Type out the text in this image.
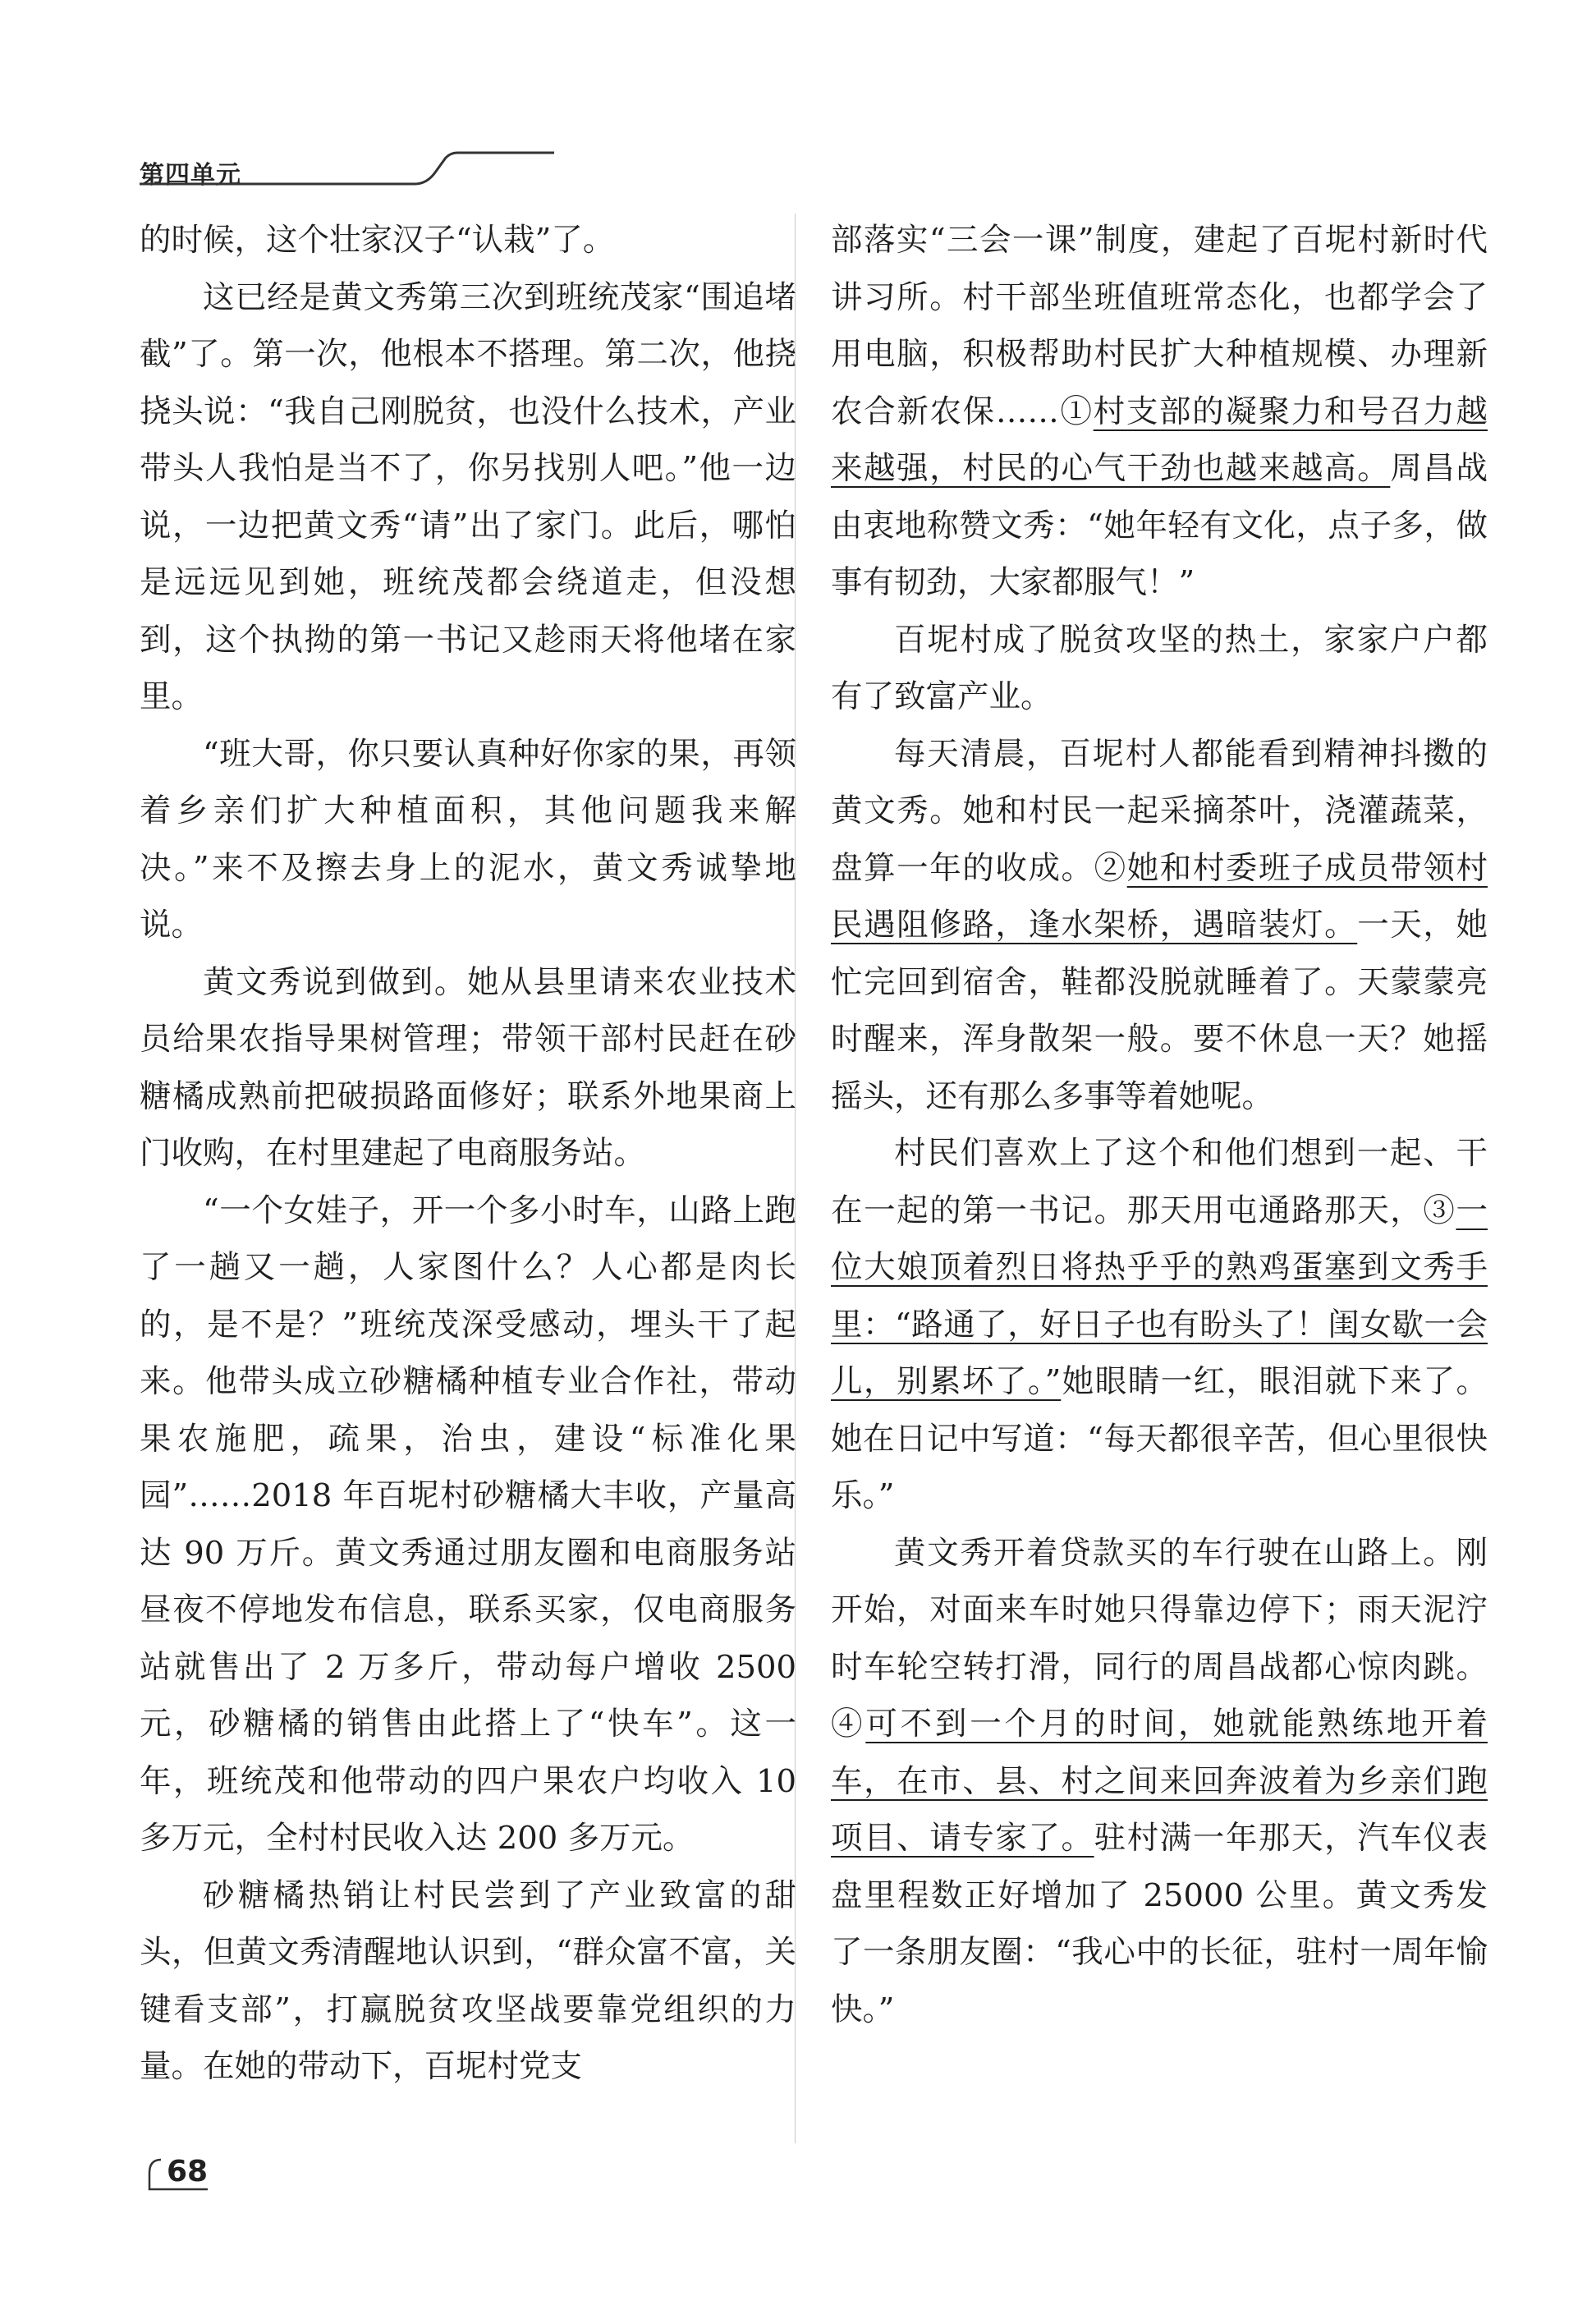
第四单元

的时候，这个壮家汉子“认栽”了。

这已经是黄文秀第三次到班统茂家“围追堵截”了。第一次，他根本不搭理。第二次，他挠挠头说：“我自己刚脱贫，也没什么技术，产业带头人我怕是当不了，你另找别人吧。”他一边说，一边把黄文秀“请”出了家门。此后，哪怕是远远见到她，班统茂都会绕道走，但没想到，这个执拗的第一书记又趁雨天将他堵在家里。

“班大哥，你只要认真种好你家的果，再领着乡亲们扩大种植面积，其他问题我来解决。”来不及擦去身上的泥水，黄文秀诚挚地说。

黄文秀说到做到。她从县里请来农业技术员给果农指导果树管理；带领干部村民赶在砂糖橘成熟前把破损路面修好；联系外地果商上门收购，在村里建起了电商服务站。

“一个女娃子，开一个多小时车，山路上跑了一趟又一趟，人家图什么？人心都是肉长的，是不是？”班统茂深受感动，埋头干了起来。他带头成立砂糖橘种植专业合作社，带动果农施肥，疏果，治虫，建设“标准化果园”……2018 年百坭村砂糖橘大丰收，产量高达 90 万斤。黄文秀通过朋友圈和电商服务站昼夜不停地发布信息，联系买家，仅电商服务站就售出了 2 万多斤，带动每户增收 2500 元，砂糖橘的销售由此搭上了“快车”。这一年，班统茂和他带动的四户果农户均收入 10 多万元，全村村民收入达 200 多万元。

砂糖橘热销让村民尝到了产业致富的甜头，但黄文秀清醒地认识到，“群众富不富，关键看支部”，打赢脱贫攻坚战要靠党组织的力量。在她的带动下，百坭村党支

部落实“三会一课”制度，建起了百坭村新时代讲习所。村干部坐班值班常态化，也都学会了用电脑，积极帮助村民扩大种植规模、办理新农合新农保……①村支部的凝聚力和号召力越来越强，村民的心气干劲也越来越高。周昌战由衷地称赞文秀：“她年轻有文化，点子多，做事有韧劲，大家都服气！”

百坭村成了脱贫攻坚的热土，家家户户都有了致富产业。

每天清晨，百坭村人都能看到精神抖擞的黄文秀。她和村民一起采摘茶叶，浇灌蔬菜，盘算一年的收成。②她和村委班子成员带领村民遇阻修路，逢水架桥，遇暗装灯。一天，她忙完回到宿舍，鞋都没脱就睡着了。天蒙蒙亮时醒来，浑身散架一般。要不休息一天？她摇摇头，还有那么多事等着她呢。

村民们喜欢上了这个和他们想到一起、干在一起的第一书记。那天用屯通路那天，③一位大娘顶着烈日将热乎乎的熟鸡蛋塞到文秀手里：“路通了，好日子也有盼头了！闺女歇一会儿，别累坏了。”她眼睛一红，眼泪就下来了。她在日记中写道：“每天都很辛苦，但心里很快乐。”

黄文秀开着贷款买的车行驶在山路上。刚开始，对面来车时她只得靠边停下；雨天泥泞时车轮空转打滑，同行的周昌战都心惊肉跳。④可不到一个月的时间，她就能熟练地开着车，在市、县、村之间来回奔波着为乡亲们跑项目、请专家了。驻村满一年那天，汽车仪表盘里程数正好增加了 25000 公里。黄文秀发了一条朋友圈：“我心中的长征，驻村一周年愉快。”

68
